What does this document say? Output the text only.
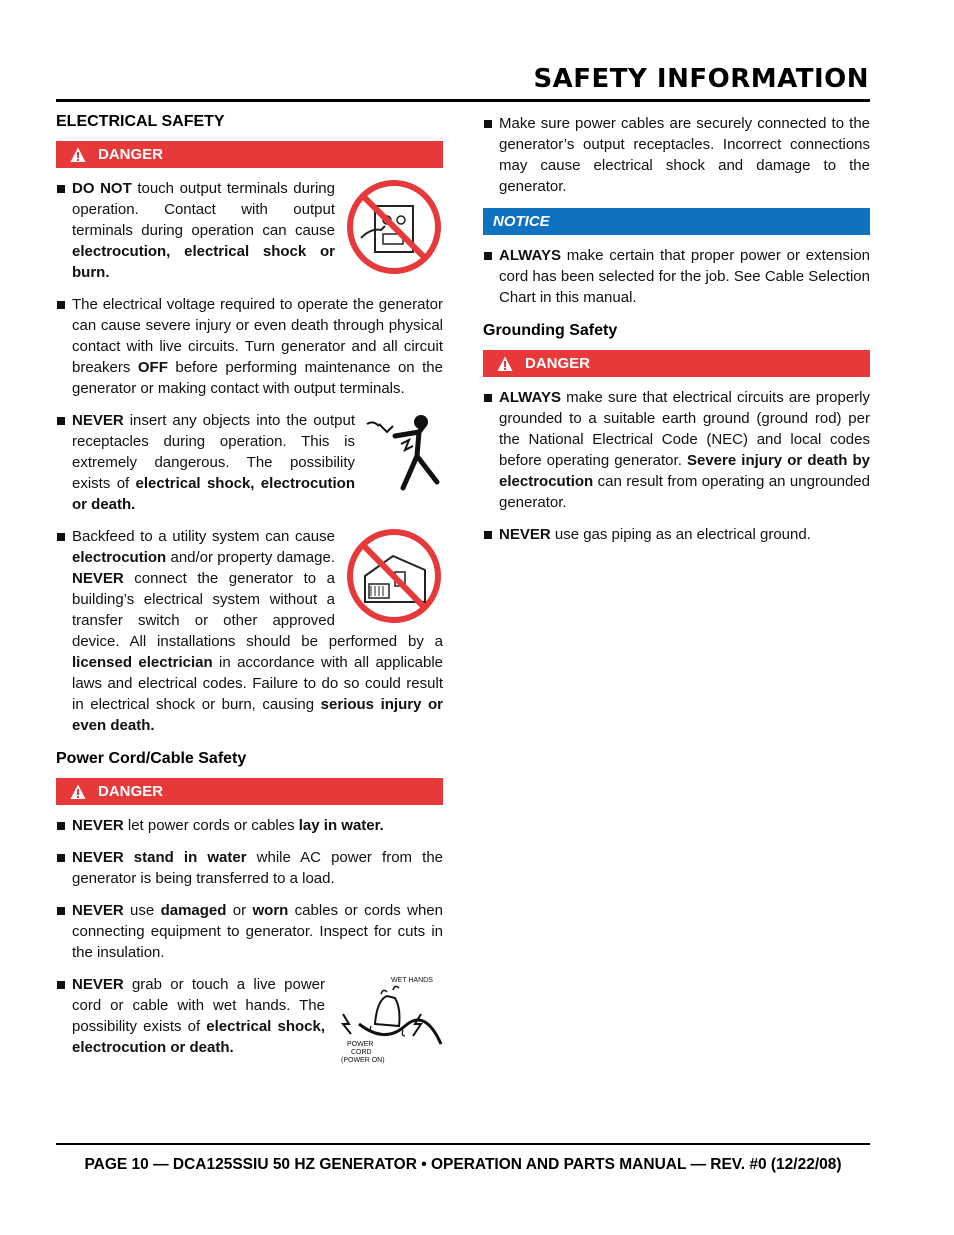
SAFETY INFORMATION
ELECTRICAL SAFETY
DANGER
DO NOT touch output terminals during operation. Contact with output terminals during operation can cause electrocution, electrical shock or burn.
The electrical voltage required to operate the generator can cause severe injury or even death through physical contact with live circuits. Turn generator and all circuit breakers OFF before performing maintenance on the generator or making contact with output terminals.
NEVER insert any objects into the output receptacles during operation. This is extremely dangerous. The possibility exists of electrical shock, electrocution or death.
Backfeed to a utility system can cause electrocution and/or property damage. NEVER connect the generator to a building’s electrical system without a transfer switch or other approved device. All installations should be performed by a licensed electrician in accordance with all applicable laws and electrical codes. Failure to do so could result in electrical shock or burn, causing serious injury or even death.
Power Cord/Cable Safety
DANGER
NEVER let power cords or cables lay in water.
NEVER stand in water while AC power from the generator is being transferred to a load.
NEVER use damaged or worn cables or cords when connecting equipment to generator. Inspect for cuts in the insulation.
WET HANDS
POWER
CORD
(POWER ON)
NEVER grab or touch a live power cord or cable with wet hands. The possibility exists of electrical shock, electrocution or death.
Make sure power cables are securely connected to the generator’s output receptacles. Incorrect connections may cause electrical shock and damage to the generator.
NOTICE
ALWAYS make certain that proper power or extension cord has been selected for the job. See Cable Selection Chart in this manual.
Grounding Safety
DANGER
ALWAYS make sure that electrical circuits are properly grounded to a suitable earth ground (ground rod) per the National Electrical Code (NEC) and local codes before operating generator. Severe injury or death by electrocution can result from operating an ungrounded generator.
NEVER use gas piping as an electrical ground.
PAGE 10 — DCA125SSIU 50 HZ GENERATOR • OPERATION AND PARTS MANUAL — REV. #0 (12/22/08)
